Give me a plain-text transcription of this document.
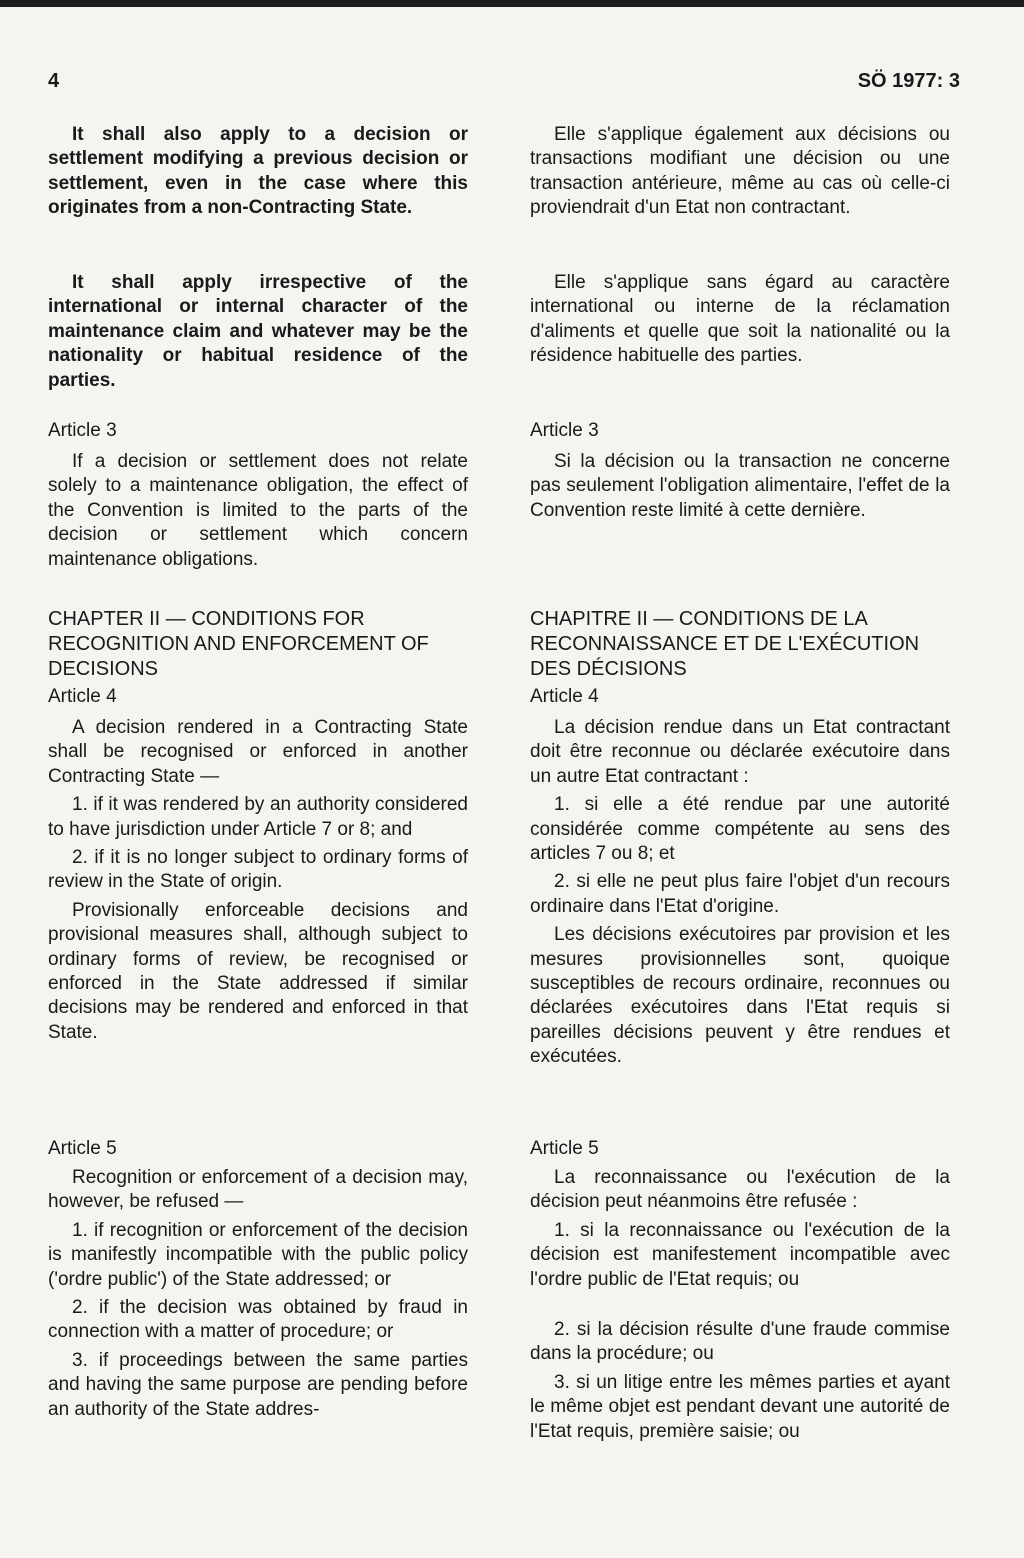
4	SÖ 1977: 3

It shall also apply to a decision or settlement modifying a previous decision or settlement, even in the case where this originates from a non-Contracting State.

It shall apply irrespective of the international or internal character of the maintenance claim and whatever may be the nationality or habitual residence of the parties.

Article 3

If a decision or settlement does not relate solely to a maintenance obligation, the effect of the Convention is limited to the parts of the decision or settlement which concern maintenance obligations.

CHAPTER II — CONDITIONS FOR RECOGNITION AND ENFORCEMENT OF DECISIONS
Article 4

A decision rendered in a Contracting State shall be recognised or enforced in another Contracting State —

1. if it was rendered by an authority considered to have jurisdiction under Article 7 or 8; and

2. if it is no longer subject to ordinary forms of review in the State of origin.

Provisionally enforceable decisions and provisional measures shall, although subject to ordinary forms of review, be recognised or enforced in the State addressed if similar decisions may be rendered and enforced in that State.

Article 5

Recognition or enforcement of a decision may, however, be refused —

1. if recognition or enforcement of the decision is manifestly incompatible with the public policy ('ordre public') of the State addressed; or

2. if the decision was obtained by fraud in connection with a matter of procedure; or

3. if proceedings between the same parties and having the same purpose are pending before an authority of the State addres-

Elle s'applique également aux décisions ou transactions modifiant une décision ou une transaction antérieure, même au cas où celle-ci proviendrait d'un Etat non contractant.

Elle s'applique sans égard au caractère international ou interne de la réclamation d'aliments et quelle que soit la nationalité ou la résidence habituelle des parties.

Article 3

Si la décision ou la transaction ne concerne pas seulement l'obligation alimentaire, l'effet de la Convention reste limité à cette dernière.

CHAPITRE II — CONDITIONS DE LA RECONNAISSANCE ET DE L'EXÉCUTION DES DÉCISIONS
Article 4

La décision rendue dans un Etat contractant doit être reconnue ou déclarée exécutoire dans un autre Etat contractant :

1. si elle a été rendue par une autorité considérée comme compétente au sens des articles 7 ou 8; et

2. si elle ne peut plus faire l'objet d'un recours ordinaire dans l'Etat d'origine.

Les décisions exécutoires par provision et les mesures provisionnelles sont, quoique susceptibles de recours ordinaire, reconnues ou déclarées exécutoires dans l'Etat requis si pareilles décisions peuvent y être rendues et exécutées.

Article 5

La reconnaissance ou l'exécution de la décision peut néanmoins être refusée :

1. si la reconnaissance ou l'exécution de la décision est manifestement incompatible avec l'ordre public de l'Etat requis; ou

2. si la décision résulte d'une fraude commise dans la procédure; ou

3. si un litige entre les mêmes parties et ayant le même objet est pendant devant une autorité de l'Etat requis, première saisie; ou
